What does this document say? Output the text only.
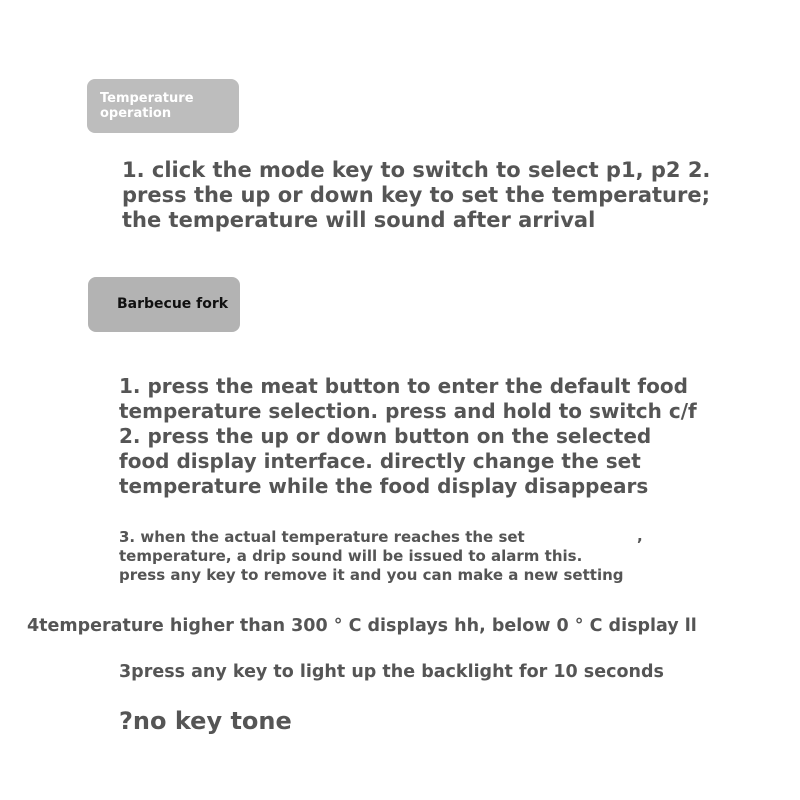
Temperature
operation
1. click the mode key to switch to select p1, p2 2.
press the up or down key to set the temperature;
the temperature will sound after arrival
Barbecue fork
1. press the meat button to enter the default food
temperature selection. press and hold to switch c/f
2. press the up or down button on the selected
food display interface. directly change the set
temperature while the food display disappears
3. when the actual temperature reaches the set
temperature, a drip sound will be issued to alarm this.
press any key to remove it and you can make a new setting
,
4temperature higher than 300 ° C displays hh, below 0 ° C display ll
3press any key to light up the backlight for 10 seconds
?no key tone
